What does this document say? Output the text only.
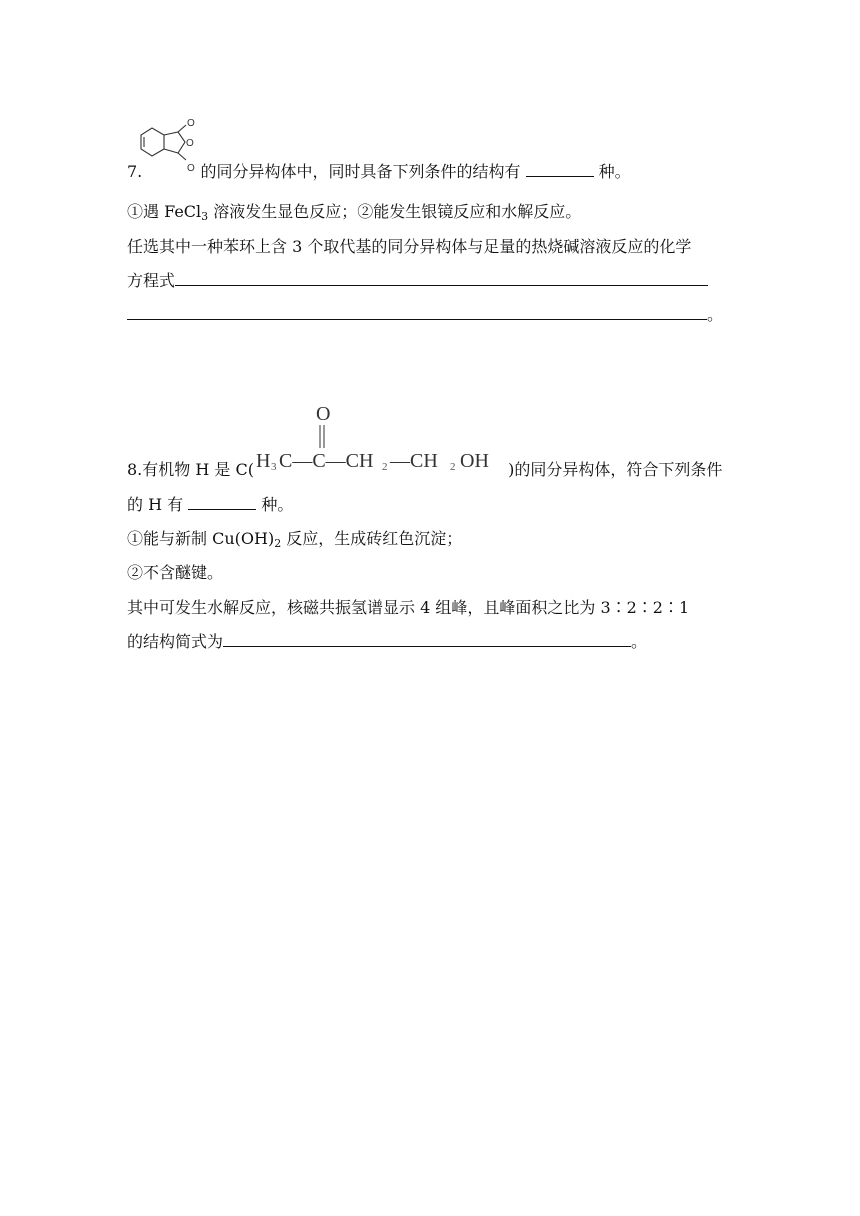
O
O
O
7.	的同分异构体中，同时具备下列条件的结构有	种。
①遇 FeCl$_3$ 溶液发生显色反应；②能发生银镜反应和水解反应。
任选其中一种苯环上含 3 个取代基的同分异构体与足量的热烧碱溶液反应的化学
方程式
。
8.有机物 H 是 C(	)的同分异构体，符合下列条件
O
H 3 C—C—CH 2 —CH 2 OH
的 H 有	种。
①能与新制 $Cu(OH)_2$ 反应，生成砖红色沉淀；
②不含醚键。
其中可发生水解反应，核磁共振氢谱显示 4 组峰，且峰面积之比为 3∶2∶2∶1
的结构简式为	。
